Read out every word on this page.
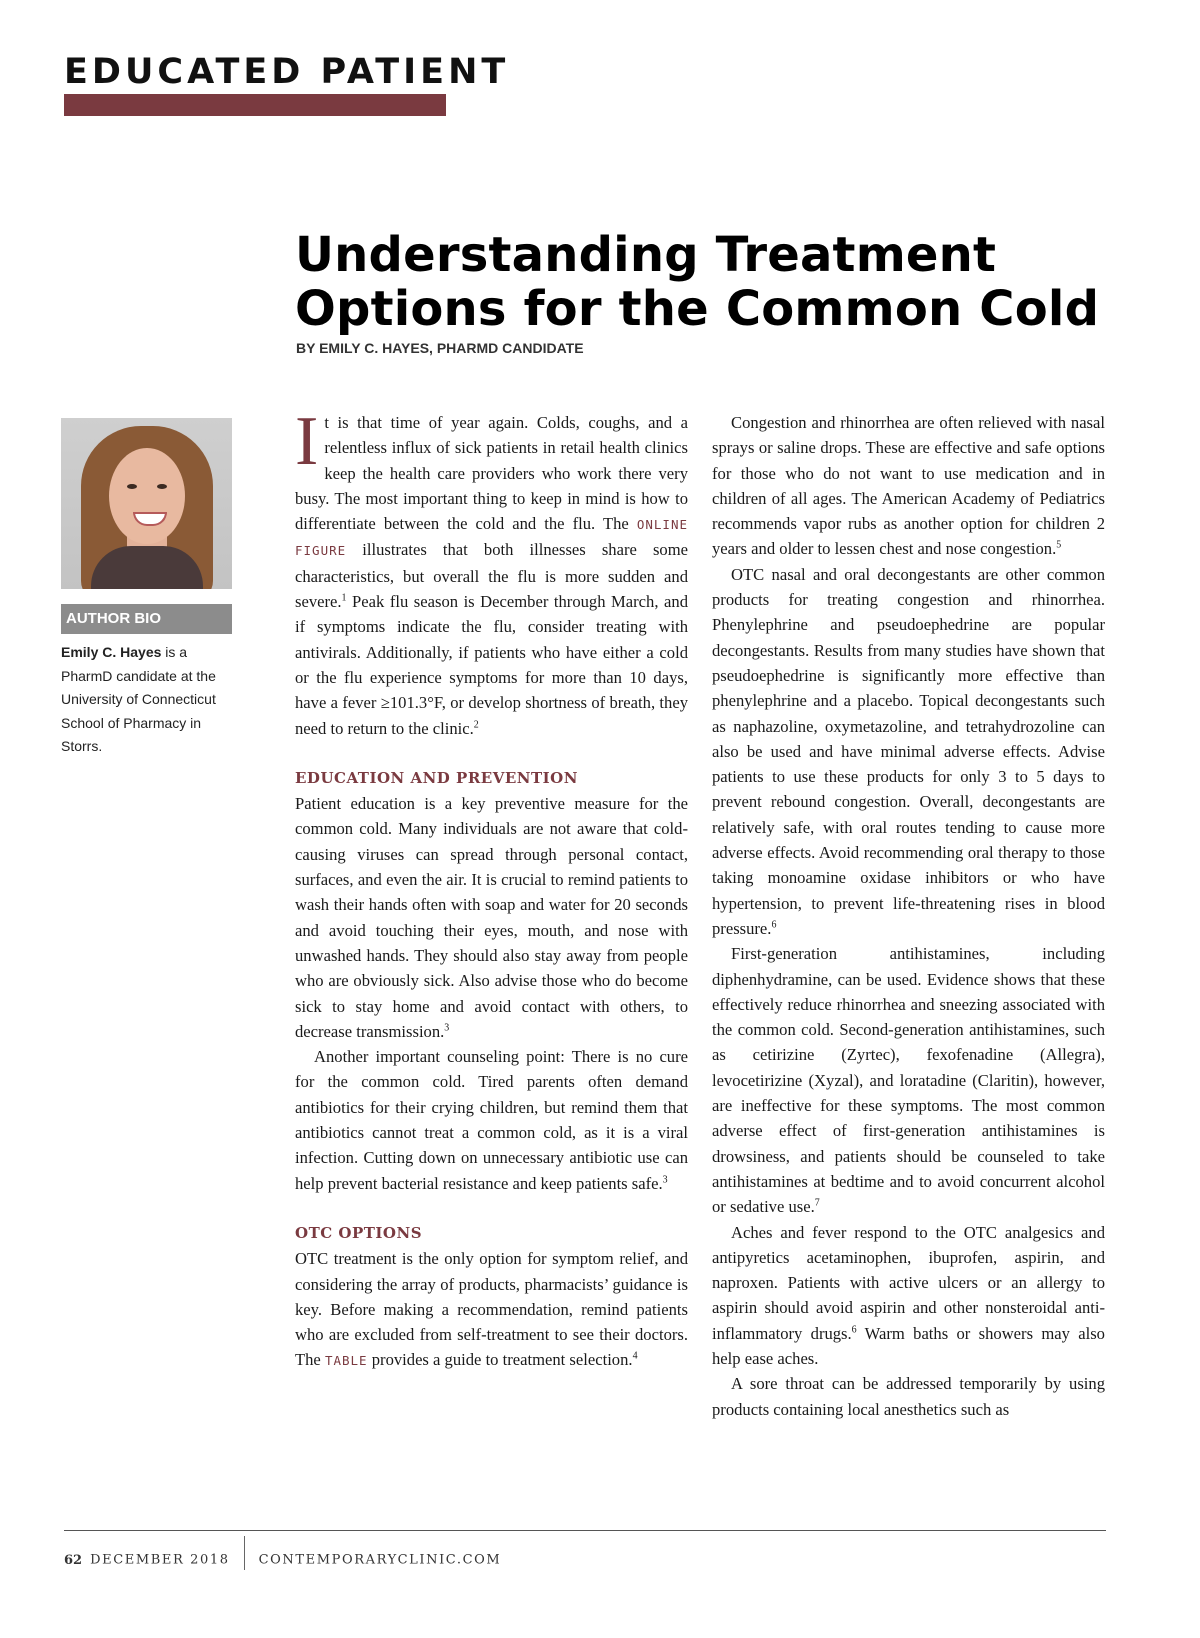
EDUCATED PATIENT
Understanding Treatment Options for the Common Cold

BY EMILY C. HAYES, PHARMD CANDIDATE

AUTHOR BIO

Emily C. Hayes is a PharmD candidate at the University of Connecticut School of Pharmacy in Storrs.

It is that time of year again. Colds, coughs, and a relentless influx of sick patients in retail health clinics keep the health care providers who work there very busy. The most important thing to keep in mind is how to differentiate between the cold and the flu. The ONLINE FIGURE illustrates that both illnesses share some characteristics, but overall the flu is more sudden and severe.$^1$ Peak flu season is December through March, and if symptoms indicate the flu, consider treating with antivirals. Additionally, if patients who have either a cold or the flu experience symptoms for more than 10 days, have a fever ≥101.3°F, or develop shortness of breath, they need to return to the clinic.$^2$

EDUCATION AND PREVENTION

Patient education is a key preventive measure for the common cold. Many individuals are not aware that cold-causing viruses can spread through personal contact, surfaces, and even the air. It is crucial to remind patients to wash their hands often with soap and water for 20 seconds and avoid touching their eyes, mouth, and nose with unwashed hands. They should also stay away from people who are obviously sick. Also advise those who do become sick to stay home and avoid contact with others, to decrease transmission.$^3$

Another important counseling point: There is no cure for the common cold. Tired parents often demand antibiotics for their crying children, but remind them that antibiotics cannot treat a common cold, as it is a viral infection. Cutting down on unnecessary antibiotic use can help prevent bacterial resistance and keep patients safe.$^3$

OTC OPTIONS

OTC treatment is the only option for symptom relief, and considering the array of products, pharmacists’ guidance is key. Before making a recommendation, remind patients who are excluded from self-treatment to see their doctors. The TABLE provides a guide to treatment selection.$^4$

Congestion and rhinorrhea are often relieved with nasal sprays or saline drops. These are effective and safe options for those who do not want to use medication and in children of all ages. The American Academy of Pediatrics recommends vapor rubs as another option for children 2 years and older to lessen chest and nose congestion.$^5$

OTC nasal and oral decongestants are other common products for treating congestion and rhinorrhea. Phenylephrine and pseudoephedrine are popular decongestants. Results from many studies have shown that pseudoephedrine is significantly more effective than phenylephrine and a placebo. Topical decongestants such as naphazoline, oxymetazoline, and tetrahydrozoline can also be used and have minimal adverse effects. Advise patients to use these products for only 3 to 5 days to prevent rebound congestion. Overall, decongestants are relatively safe, with oral routes tending to cause more adverse effects. Avoid recommending oral therapy to those taking monoamine oxidase inhibitors or who have hypertension, to prevent life-threatening rises in blood pressure.$^6$

First-generation antihistamines, including diphenhydramine, can be used. Evidence shows that these effectively reduce rhinorrhea and sneezing associated with the common cold. Second-generation antihistamines, such as cetirizine (Zyrtec), fexofenadine (Allegra), levocetirizine (Xyzal), and loratadine (Claritin), however, are ineffective for these symptoms. The most common adverse effect of first-generation antihistamines is drowsiness, and patients should be counseled to take antihistamines at bedtime and to avoid concurrent alcohol or sedative use.$^7$

Aches and fever respond to the OTC analgesics and antipyretics acetaminophen, ibuprofen, aspirin, and naproxen. Patients with active ulcers or an allergy to aspirin should avoid aspirin and other nonsteroidal anti-inflammatory drugs.$^6$ Warm baths or showers may also help ease aches.

A sore throat can be addressed temporarily by using products containing local anesthetics such as

62 DECEMBER 2018 CONTEMPORARYCLINIC.COM
